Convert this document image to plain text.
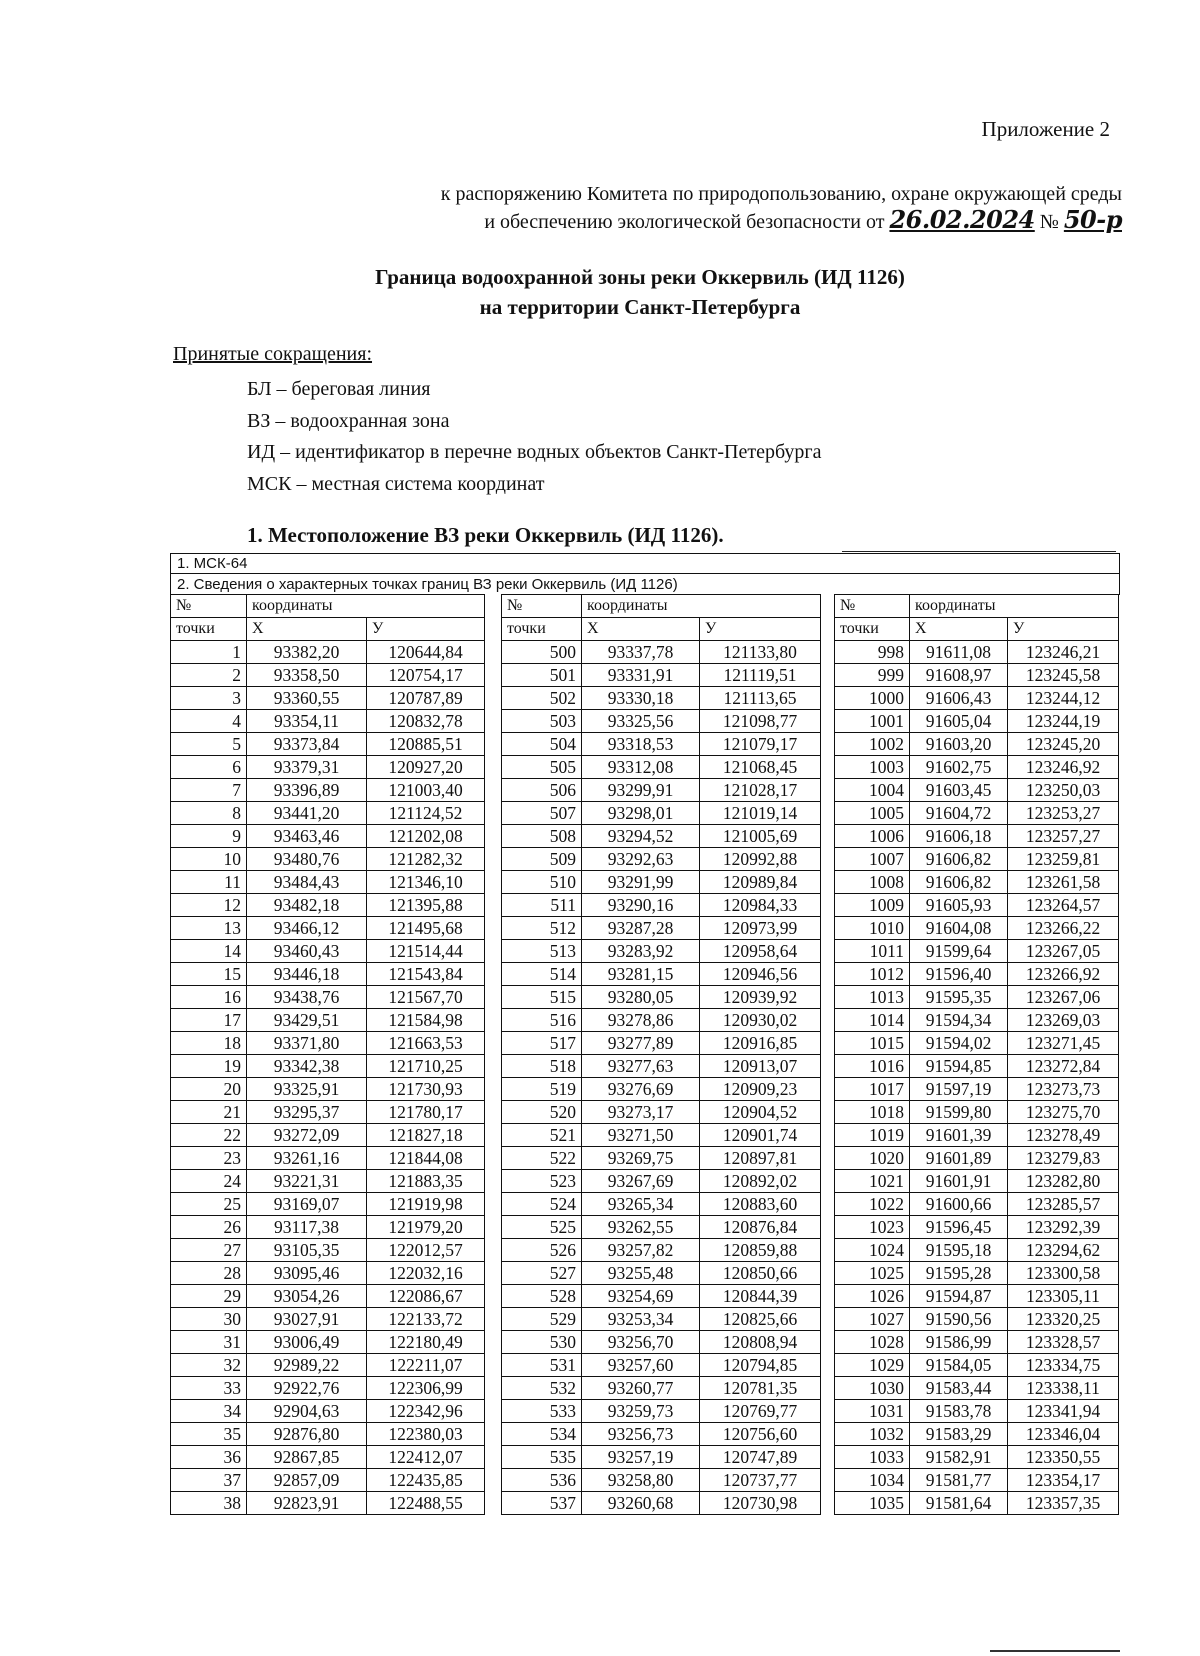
Приложение 2
к распоряжению Комитета по природопользованию, охране окружающей среды
и обеспечению экологической безопасности от 26.02.2024 № 50-р
Граница водоохранной зоны реки Оккервиль (ИД 1126)
на территории Санкт-Петербурга
Принятые сокращения:
БЛ – береговая линия
ВЗ – водоохранная зона
ИД – идентификатор в перечне водных объектов Санкт-Петербурга
МСК – местная система координат
1. Местоположение ВЗ реки Оккервиль (ИД 1126).
1. МСК-64
2. Сведения о характерных точках границ ВЗ реки Оккервиль (ИД 1126)
№	координаты	
точки	X	У
1	93382,20	120644,84
2	93358,50	120754,17
3	93360,55	120787,89
4	93354,11	120832,78
5	93373,84	120885,51
6	93379,31	120927,20
7	93396,89	121003,40
8	93441,20	121124,52
9	93463,46	121202,08
10	93480,76	121282,32
11	93484,43	121346,10
12	93482,18	121395,88
13	93466,12	121495,68
14	93460,43	121514,44
15	93446,18	121543,84
16	93438,76	121567,70
17	93429,51	121584,98
18	93371,80	121663,53
19	93342,38	121710,25
20	93325,91	121730,93
21	93295,37	121780,17
22	93272,09	121827,18
23	93261,16	121844,08
24	93221,31	121883,35
25	93169,07	121919,98
26	93117,38	121979,20
27	93105,35	122012,57
28	93095,46	122032,16
29	93054,26	122086,67
30	93027,91	122133,72
31	93006,49	122180,49
32	92989,22	122211,07
33	92922,76	122306,99
34	92904,63	122342,96
35	92876,80	122380,03
36	92867,85	122412,07
37	92857,09	122435,85
38	92823,91	122488,55
№	координаты	
точки	X	У
500	93337,78	121133,80
501	93331,91	121119,51
502	93330,18	121113,65
503	93325,56	121098,77
504	93318,53	121079,17
505	93312,08	121068,45
506	93299,91	121028,17
507	93298,01	121019,14
508	93294,52	121005,69
509	93292,63	120992,88
510	93291,99	120989,84
511	93290,16	120984,33
512	93287,28	120973,99
513	93283,92	120958,64
514	93281,15	120946,56
515	93280,05	120939,92
516	93278,86	120930,02
517	93277,89	120916,85
518	93277,63	120913,07
519	93276,69	120909,23
520	93273,17	120904,52
521	93271,50	120901,74
522	93269,75	120897,81
523	93267,69	120892,02
524	93265,34	120883,60
525	93262,55	120876,84
526	93257,82	120859,88
527	93255,48	120850,66
528	93254,69	120844,39
529	93253,34	120825,66
530	93256,70	120808,94
531	93257,60	120794,85
532	93260,77	120781,35
533	93259,73	120769,77
534	93256,73	120756,60
535	93257,19	120747,89
536	93258,80	120737,77
537	93260,68	120730,98
№	координаты	
точки	X	У
998	91611,08	123246,21
999	91608,97	123245,58
1000	91606,43	123244,12
1001	91605,04	123244,19
1002	91603,20	123245,20
1003	91602,75	123246,92
1004	91603,45	123250,03
1005	91604,72	123253,27
1006	91606,18	123257,27
1007	91606,82	123259,81
1008	91606,82	123261,58
1009	91605,93	123264,57
1010	91604,08	123266,22
1011	91599,64	123267,05
1012	91596,40	123266,92
1013	91595,35	123267,06
1014	91594,34	123269,03
1015	91594,02	123271,45
1016	91594,85	123272,84
1017	91597,19	123273,73
1018	91599,80	123275,70
1019	91601,39	123278,49
1020	91601,89	123279,83
1021	91601,91	123282,80
1022	91600,66	123285,57
1023	91596,45	123292,39
1024	91595,18	123294,62
1025	91595,28	123300,58
1026	91594,87	123305,11
1027	91590,56	123320,25
1028	91586,99	123328,57
1029	91584,05	123334,75
1030	91583,44	123338,11
1031	91583,78	123341,94
1032	91583,29	123346,04
1033	91582,91	123350,55
1034	91581,77	123354,17
1035	91581,64	123357,35
